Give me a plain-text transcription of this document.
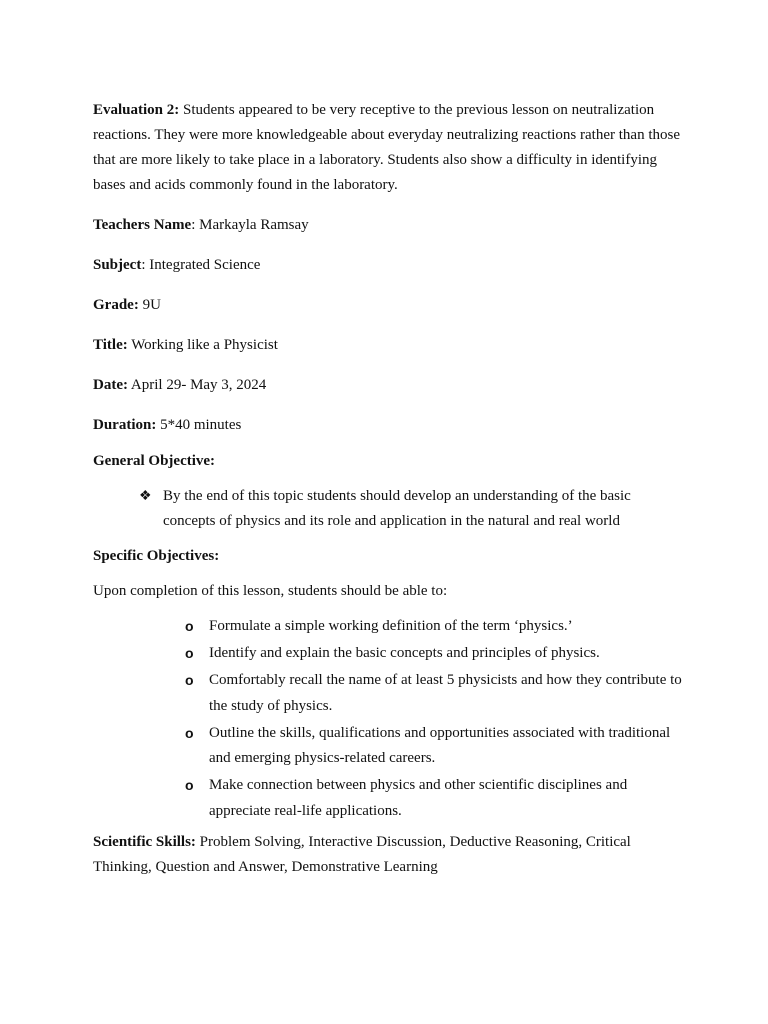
Evaluation 2: Students appeared to be very receptive to the previous lesson on neutralization reactions. They were more knowledgeable about everyday neutralizing reactions rather than those that are more likely to take place in a laboratory. Students also show a difficulty in identifying bases and acids commonly found in the laboratory.

Teachers Name: Markayla Ramsay

Subject: Integrated Science

Grade: 9U

Title: Working like a Physicist

Date: April 29- May 3, 2024

Duration: 5*40 minutes

General Objective:

❖ By the end of this topic students should develop an understanding of the basic concepts of physics and its role and application in the natural and real world

Specific Objectives:

Upon completion of this lesson, students should be able to:

o Formulate a simple working definition of the term ‘physics.’
o Identify and explain the basic concepts and principles of physics.
o Comfortably recall the name of at least 5 physicists and how they contribute to the study of physics.
o Outline the skills, qualifications and opportunities associated with traditional and emerging physics-related careers.
o Make connection between physics and other scientific disciplines and appreciate real-life applications.

Scientific Skills: Problem Solving, Interactive Discussion, Deductive Reasoning, Critical Thinking, Question and Answer, Demonstrative Learning
